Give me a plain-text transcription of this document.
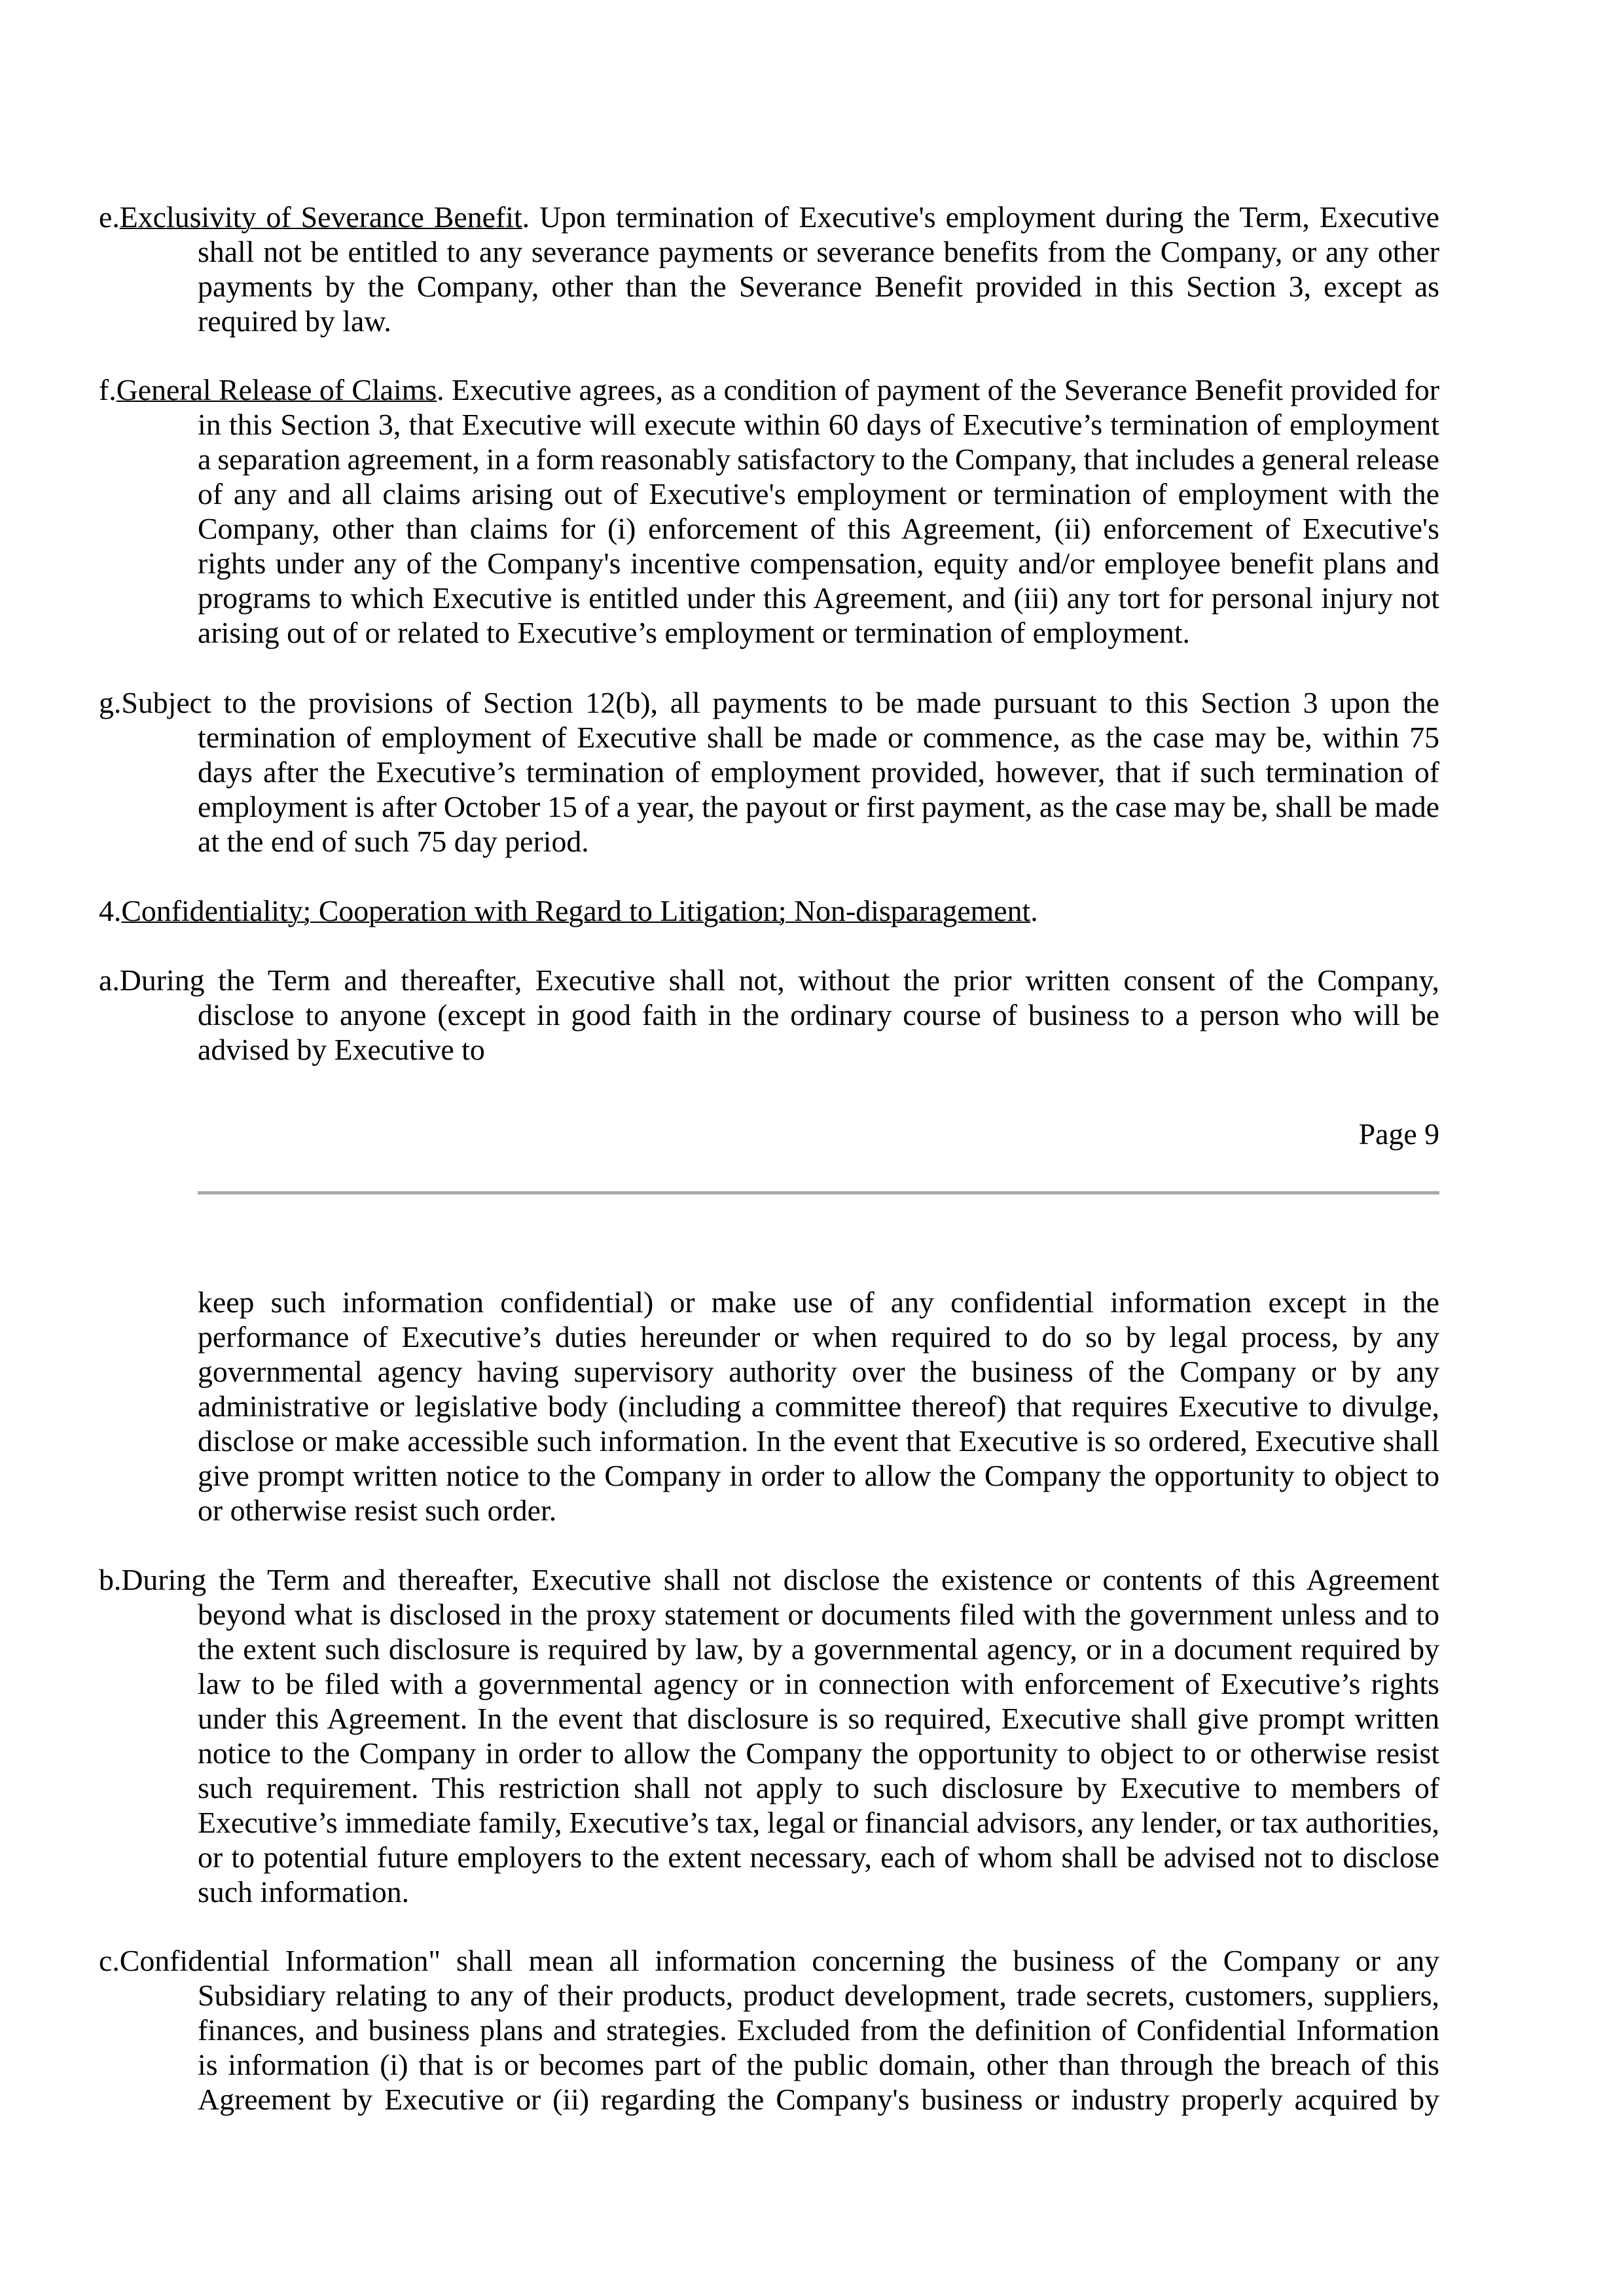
e.Exclusivity of Severance Benefit. Upon termination of Executive's employment during the Term, Executive
shall not be entitled to any severance payments or severance benefits from the Company, or any other
payments by the Company, other than the Severance Benefit provided in this Section 3, except as
required by law.
f.General Release of Claims. Executive agrees, as a condition of payment of the Severance Benefit provided for
in this Section 3, that Executive will execute within 60 days of Executive’s termination of employment
a separation agreement, in a form reasonably satisfactory to the Company, that includes a general release
of any and all claims arising out of Executive's employment or termination of employment with the
Company, other than claims for (i) enforcement of this Agreement, (ii) enforcement of Executive's
rights under any of the Company's incentive compensation, equity and/or employee benefit plans and
programs to which Executive is entitled under this Agreement, and (iii) any tort for personal injury not
arising out of or related to Executive’s employment or termination of employment.
g.Subject to the provisions of Section 12(b), all payments to be made pursuant to this Section 3 upon the
termination of employment of Executive shall be made or commence, as the case may be, within 75
days after the Executive’s termination of employment provided, however, that if such termination of
employment is after October 15 of a year, the payout or first payment, as the case may be, shall be made
at the end of such 75 day period.
4.Confidentiality; Cooperation with Regard to Litigation; Non-disparagement.
a.During the Term and thereafter, Executive shall not, without the prior written consent of the Company,
disclose to anyone (except in good faith in the ordinary course of business to a person who will be
advised by Executive to
Page 9
keep such information confidential) or make use of any confidential information except in the
performance of Executive’s duties hereunder or when required to do so by legal process, by any
governmental agency having supervisory authority over the business of the Company or by any
administrative or legislative body (including a committee thereof) that requires Executive to divulge,
disclose or make accessible such information. In the event that Executive is so ordered, Executive shall
give prompt written notice to the Company in order to allow the Company the opportunity to object to
or otherwise resist such order.
b.During the Term and thereafter, Executive shall not disclose the existence or contents of this Agreement
beyond what is disclosed in the proxy statement or documents filed with the government unless and to
the extent such disclosure is required by law, by a governmental agency, or in a document required by
law to be filed with a governmental agency or in connection with enforcement of Executive’s rights
under this Agreement. In the event that disclosure is so required, Executive shall give prompt written
notice to the Company in order to allow the Company the opportunity to object to or otherwise resist
such requirement. This restriction shall not apply to such disclosure by Executive to members of
Executive’s immediate family, Executive’s tax, legal or financial advisors, any lender, or tax authorities,
or to potential future employers to the extent necessary, each of whom shall be advised not to disclose
such information.
c.Confidential Information" shall mean all information concerning the business of the Company or any
Subsidiary relating to any of their products, product development, trade secrets, customers, suppliers,
finances, and business plans and strategies. Excluded from the definition of Confidential Information
is information (i) that is or becomes part of the public domain, other than through the breach of this
Agreement by Executive or (ii) regarding the Company's business or industry properly acquired by
